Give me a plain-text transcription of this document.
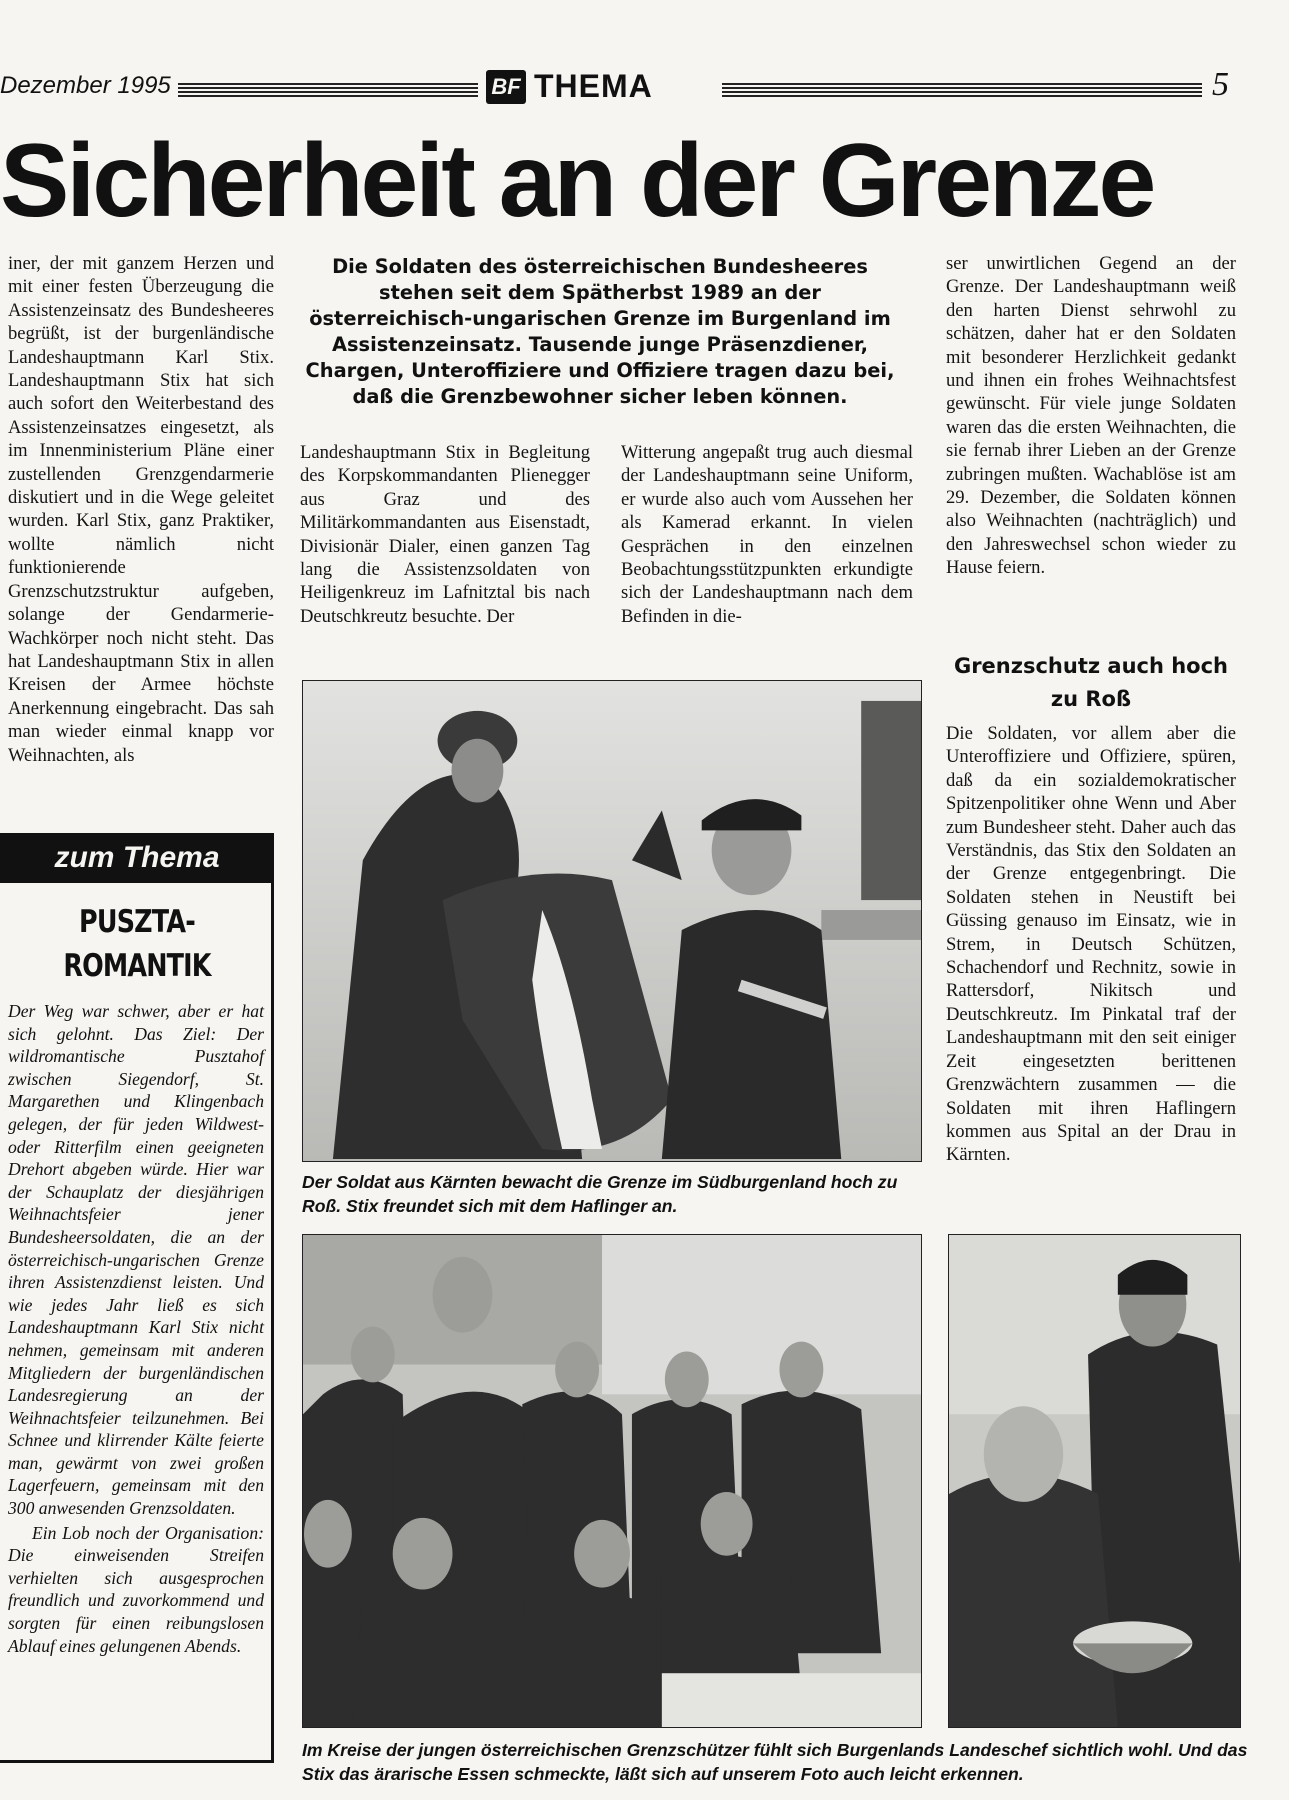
Dezember 1995	BF THEMA	5
Sicherheit an der Grenze

iner, der mit ganzem Herzen und mit einer festen Überzeugung die Assistenzeinsatz des Bundesheeres begrüßt, ist der burgenländische Landeshauptmann Karl Stix. Landeshauptmann Stix hat sich auch sofort den Weiterbestand des Assistenzeinsatzes eingesetzt, als im Innenministerium Pläne einer zustellenden Grenzgendarmerie diskutiert und in die Wege geleitet wurden. Karl Stix, ganz Praktiker, wollte nämlich nicht funktionierende Grenzschutzstruktur aufgeben, solange der Gendarmerie-Wachkörper noch nicht steht. Das hat Landeshauptmann Stix in allen Kreisen der Armee höchste Anerkennung eingebracht. Das sah man wieder einmal knapp vor Weihnachten, als

Die Soldaten des österreichischen Bundesheeres stehen seit dem Spätherbst 1989 an der österreichisch-ungarischen Grenze im Burgenland im Assistenzeinsatz. Tausende junge Präsenzdiener, Chargen, Unteroffiziere und Offiziere tragen dazu bei, daß die Grenzbewohner sicher leben können.

Landeshauptmann Stix in Begleitung des Korpskommandanten Plienegger aus Graz und des Militärkommandanten aus Eisenstadt, Divisionär Dialer, einen ganzen Tag lang die Assistenzsoldaten von Heiligenkreuz im Lafnitztal bis nach Deutschkreutz besuchte. Der

Witterung angepaßt trug auch diesmal der Landeshauptmann seine Uniform, er wurde also auch vom Aussehen her als Kamerad erkannt. In vielen Gesprächen in den einzelnen Beobachtungsstützpunkten erkundigte sich der Landeshauptmann nach dem Befinden in die-

ser unwirtlichen Gegend an der Grenze. Der Landeshauptmann weiß den harten Dienst sehrwohl zu schätzen, daher hat er den Soldaten mit besonderer Herzlichkeit gedankt und ihnen ein frohes Weihnachtsfest gewünscht. Für viele junge Soldaten waren das die ersten Weihnachten, die sie fernab ihrer Lieben an der Grenze zubringen mußten. Wachablöse ist am 29. Dezember, die Soldaten können also Weihnachten (nachträglich) und den Jahreswechsel schon wieder zu Hause feiern.

Grenzschutz auch hoch zu Roß

Die Soldaten, vor allem aber die Unteroffiziere und Offiziere, spüren, daß da ein sozialdemokratischer Spitzenpolitiker ohne Wenn und Aber zum Bundesheer steht. Daher auch das Verständnis, das Stix den Soldaten an der Grenze entgegenbringt. Die Soldaten stehen in Neustift bei Güssing genauso im Einsatz, wie in Strem, in Deutsch Schützen, Schachendorf und Rechnitz, sowie in Rattersdorf, Nikitsch und Deutschkreutz. Im Pinkatal traf der Landeshauptmann mit den seit einiger Zeit eingesetzten berittenen Grenzwächtern zusammen — die Soldaten mit ihren Haflingern kommen aus Spital an der Drau in Kärnten.

zum Thema
PUSZTA-ROMANTIK

Der Weg war schwer, aber er hat sich gelohnt. Das Ziel: Der wildromantische Pusztahof zwischen Siegendorf, St. Margarethen und Klingenbach gelegen, der für jeden Wildwest- oder Ritterfilm einen geeigneten Drehort abgeben würde. Hier war der Schauplatz der diesjährigen Weihnachtsfeier jener Bundesheersoldaten, die an der österreichisch-ungarischen Grenze ihren Assistenzdienst leisten. Und wie jedes Jahr ließ es sich Landeshauptmann Karl Stix nicht nehmen, gemeinsam mit anderen Mitgliedern der burgenländischen Landesregierung an der Weihnachtsfeier teilzunehmen. Bei Schnee und klirrender Kälte feierte man, gewärmt von zwei großen Lagerfeuern, gemeinsam mit den 300 anwesenden Grenzsoldaten.

Ein Lob noch der Organisation: Die einweisenden Streifen verhielten sich ausgesprochen freundlich und zuvorkommend und sorgten für einen reibungslosen Ablauf eines gelungenen Abends.

Der Soldat aus Kärnten bewacht die Grenze im Südburgenland hoch zu Roß. Stix freundet sich mit dem Haflinger an.
Im Kreise der jungen österreichischen Grenzschützer fühlt sich Burgenlands Landeschef sichtlich wohl. Und das Stix das ärarische Essen schmeckte, läßt sich auf unserem Foto auch leicht erkennen.
